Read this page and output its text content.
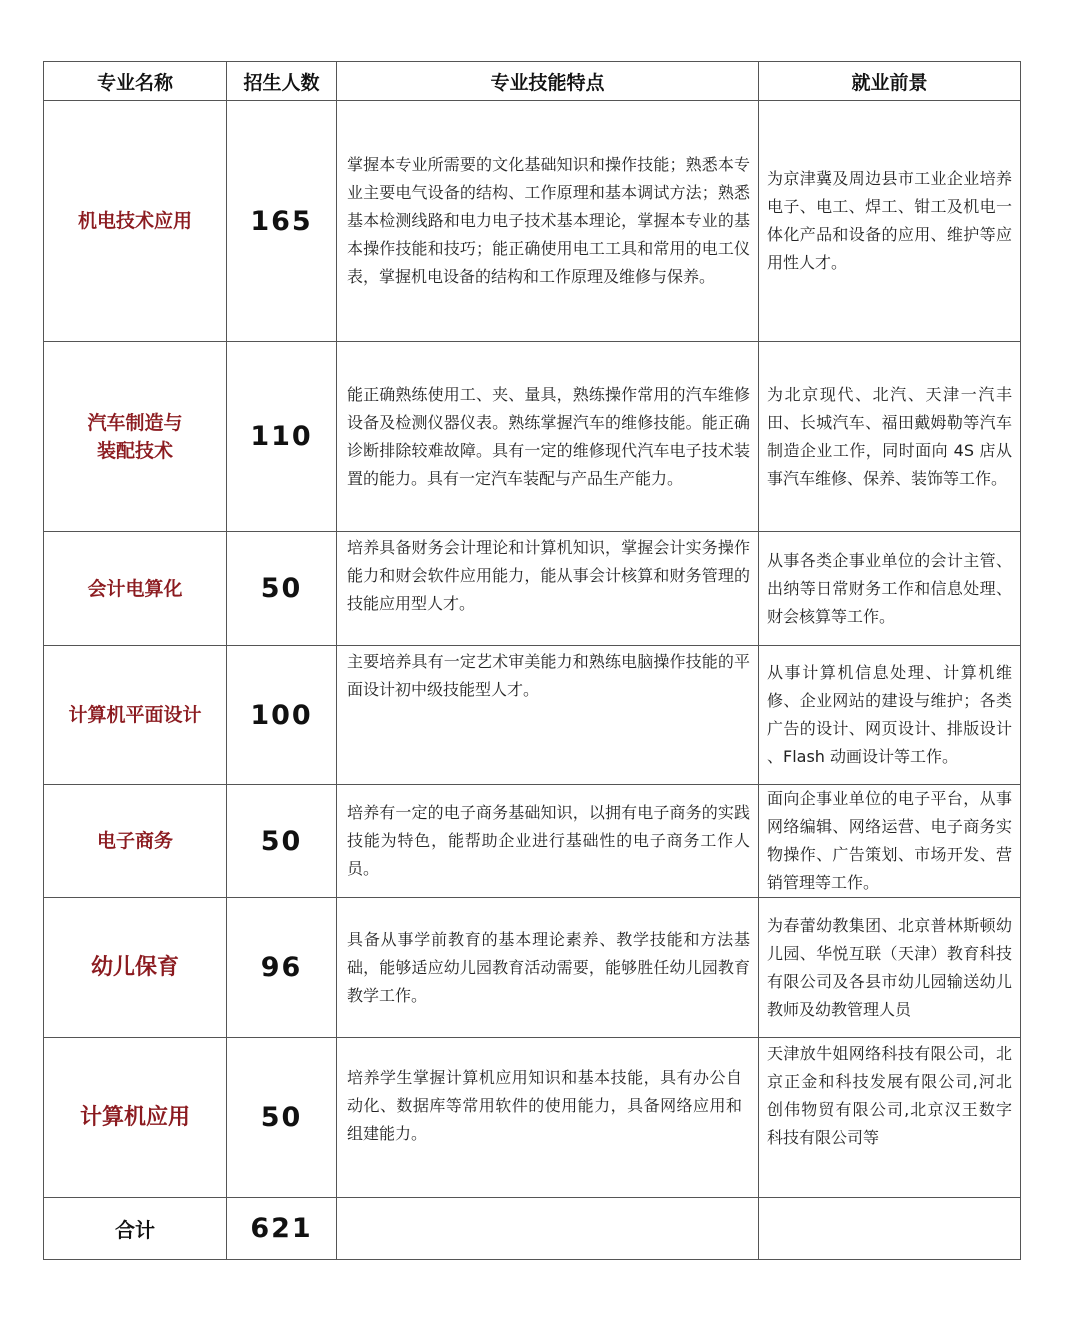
专业名称	招生人数	专业技能特点	就业前景
机电技术应用	165	掌握本专业所需要的文化基础知识和操作技能；熟悉本专业主要电气设备的结构、工作原理和基本调试方法；熟悉基本检测线路和电力电子技术基本理论，掌握本专业的基本操作技能和技巧；能正确使用电工工具和常用的电工仪表，掌握机电设备的结构和工作原理及维修与保养。	为京津冀及周边县市工业企业培养电子、电工、焊工、钳工及机电一体化产品和设备的应用、维护等应用性人才。

汽车制造与装配技术	110	能正确熟练使用工、夹、量具，熟练操作常用的汽车维修设备及检测仪器仪表。熟练掌握汽车的维修技能。能正确诊断排除较难故障。具有一定的维修现代汽车电子技术装置的能力。具有一定汽车装配与产品生产能力。	为北京现代、北汽、天津一汽丰田、长城汽车、福田戴姆勒等汽车制造企业工作，同时面向 4S 店从事汽车维修、保养、装饰等工作。
会计电算化	50	培养具备财务会计理论和计算机知识，掌握会计实务操作能力和财会软件应用能力，能从事会计核算和财务管理的技能应用型人才。	从事各类企事业单位的会计主管、出纳等日常财务工作和信息处理、财会核算等工作。
计算机平面设计	100	主要培养具有一定艺术审美能力和熟练电脑操作技能的平面设计初中级技能型人才。	从事计算机信息处理、计算机维修、企业网站的建设与维护；各类广告的设计、网页设计、排版设计 、Flash 动画设计等工作。
电子商务	50	培养有一定的电子商务基础知识，以拥有电子商务的实践技能为特色，能帮助企业进行基础性的电子商务工作人员。	面向企事业单位的电子平台，从事网络编辑、网络运营、电子商务实物操作、广告策划、市场开发、营销管理等工作。
幼儿保育	96	具备从事学前教育的基本理论素养、教学技能和方法基础，能够适应幼儿园教育活动需要，能够胜任幼儿园教育教学工作。	为春蕾幼教集团、北京普林斯顿幼儿园、华悦互联（天津）教育科技有限公司及各县市幼儿园输送幼儿教师及幼教管理人员
计算机应用	50	培养学生掌握计算机应用知识和基本技能，具有办公自动化、数据库等常用软件的使用能力，具备网络应用和组建能力。	天津放牛姐网络科技有限公司，北京正金和科技发展有限公司,河北创伟物贸有限公司,北京汉王数字科技有限公司等
合计	621		
